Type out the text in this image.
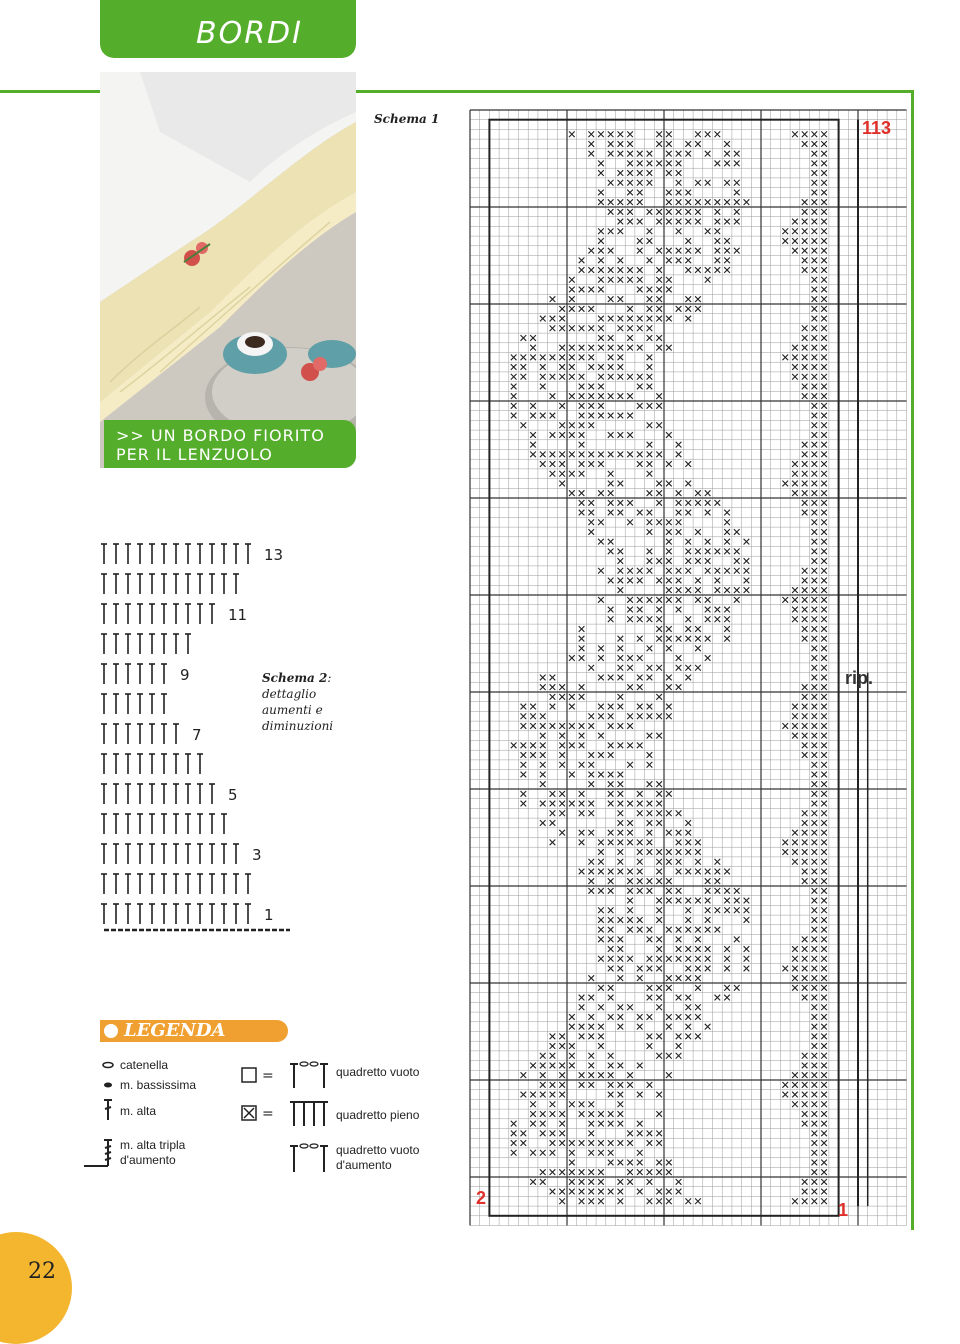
BORDI
>> UN BORDO FIORITO
PER IL LENZUOLO
Schema 1	113
rip.
1
2
13
11
9
7
5
3
1
Schema 2:
dettaglio
aumenti e
diminuzioni
LEGENDA
=
=
catenella
m. bassissima
m. alta
m. alta tripla
d'aumento
quadretto vuoto
quadretto pieno
quadretto vuoto
d'aumento
22
